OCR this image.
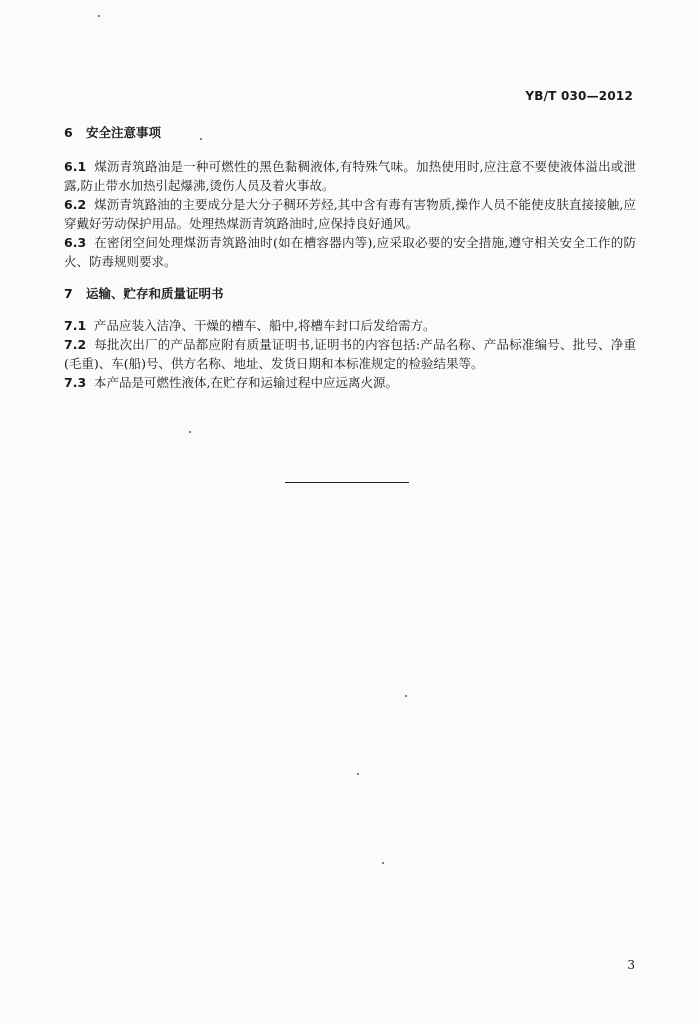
YB/T 030—2012

6 安全注意事项

6.1 煤沥青筑路油是一种可燃性的黑色黏稠液体,有特殊气味。加热使用时,应注意不要使液体溢出或泄露,防止带水加热引起爆沸,烫伤人员及着火事故。

6.2 煤沥青筑路油的主要成分是大分子稠环芳烃,其中含有毒有害物质,操作人员不能使皮肤直接接触,应穿戴好劳动保护用品。处理热煤沥青筑路油时,应保持良好通风。

6.3 在密闭空间处理煤沥青筑路油时(如在槽容器内等),应采取必要的安全措施,遵守相关安全工作的防火、防毒规则要求。

7 运输、贮存和质量证明书

7.1 产品应装入洁净、干燥的槽车、船中,将槽车封口后发给需方。

7.2 每批次出厂的产品都应附有质量证明书,证明书的内容包括:产品名称、产品标准编号、批号、净重(毛重)、车(船)号、供方名称、地址、发货日期和本标准规定的检验结果等。

7.3 本产品是可燃性液体,在贮存和运输过程中应远离火源。

3
